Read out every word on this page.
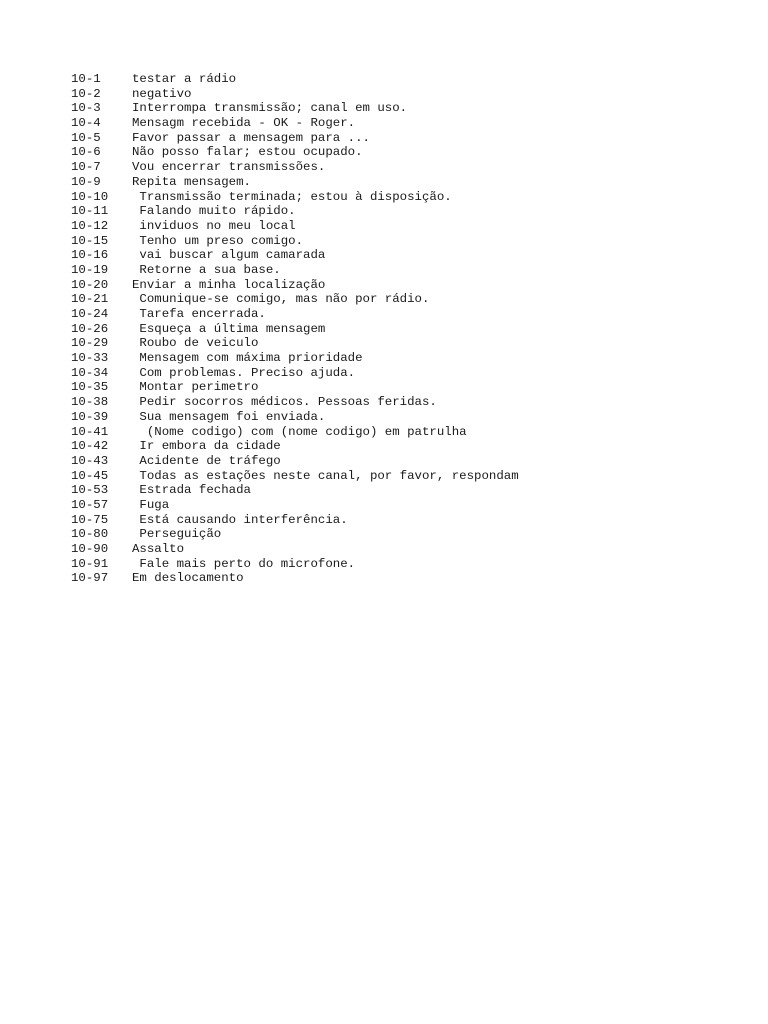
10-1	testar a rádio
10-2	negativo
10-3	Interrompa transmissão; canal em uso.
10-4	Mensagm recebida - OK - Roger.
10-5	Favor passar a mensagem para ...
10-6	Não posso falar; estou ocupado.
10-7	Vou encerrar transmissões.
10-9	Repita mensagem.
10-10	Transmissão terminada; estou à disposição.
10-11	Falando muito rápido.
10-12	inviduos no meu local
10-15	Tenho um preso comigo.
10-16	vai buscar algum camarada
10-19	Retorne a sua base.
10-20	Enviar a minha localização
10-21	Comunique-se comigo, mas não por rádio.
10-24	Tarefa encerrada.
10-26	Esqueça a última mensagem
10-29	Roubo de veiculo
10-33	Mensagem com máxima prioridade
10-34	Com problemas. Preciso ajuda.
10-35	Montar perimetro
10-38	Pedir socorros médicos. Pessoas feridas.
10-39	Sua mensagem foi enviada.
10-41	(Nome codigo) com (nome codigo) em patrulha
10-42	Ir embora da cidade
10-43	Acidente de tráfego
10-45	Todas as estações neste canal, por favor, respondam
10-53	Estrada fechada
10-57	Fuga
10-75	Está causando interferência.
10-80	Perseguição
10-90	Assalto
10-91	Fale mais perto do microfone.
10-97	Em deslocamento
